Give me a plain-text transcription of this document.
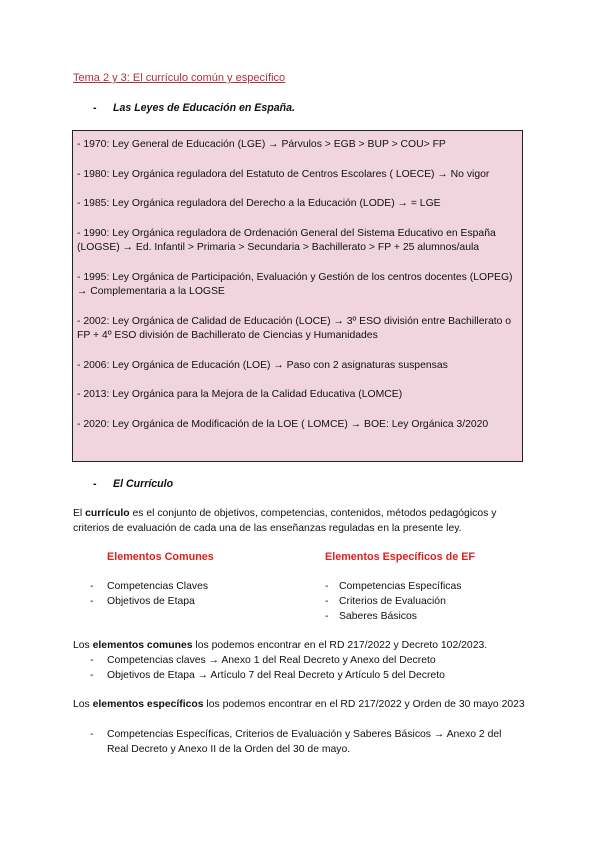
Tema 2 y 3: El currículo común y específico
- Las Leyes de Educación en España.

- 1970: Ley General de Educación (LGE) → Párvulos > EGB > BUP > COU> FP

- 1980: Ley Orgánica reguladora del Estatuto de Centros Escolares ( LOECE) → No vigor

- 1985: Ley Orgánica reguladora del Derecho a la Educación (LODE) → = LGE

- 1990: Ley Orgánica reguladora de Ordenación General del Sistema Educativo en España (LOGSE) → Ed. Infantil > Primaria > Secundaria > Bachillerato > FP + 25 alumnos/aula

- 1995: Ley Orgánica de Participación, Evaluación y Gestión de los centros docentes (LOPEG) → Complementaria a la LOGSE

- 2002: Ley Orgánica de Calidad de Educación (LOCE) → 3º ESO división entre Bachillerato o FP + 4º ESO división de Bachillerato de Ciencias y Humanidades

- 2006: Ley Orgánica de Educación (LOE) → Paso con 2 asignaturas suspensas

- 2013: Ley Orgánica para la Mejora de la Calidad Educativa (LOMCE)

- 2020: Ley Orgánica de Modificación de la LOE ( LOMCE) → BOE: Ley Orgánica 3/2020

- El Currículo

El currículo es el conjunto de objetivos, competencias, contenidos, métodos pedagógicos y criterios de evaluación de cada una de las enseñanzas reguladas en la presente ley.

Elementos Comunes	Elementos Específicos de EF
- Competencias Claves
- Objetivos de Etapa
- Competencias Específicas
- Criterios de Evaluación
- Saberes Básicos

Los elementos comunes los podemos encontrar en el RD 217/2022 y Decreto 102/2023.

- Competencias claves → Anexo 1 del Real Decreto y Anexo del Decreto
- Objetivos de Etapa → Artículo 7 del Real Decreto y Artículo 5 del Decreto

Los elementos específicos los podemos encontrar en el RD 217/2022 y Orden de 30 mayo 2023

-	Competencias Específicas, Criterios de Evaluación y Saberes Básicos → Anexo 2 del Real Decreto y Anexo II de la Orden del 30 de mayo.
